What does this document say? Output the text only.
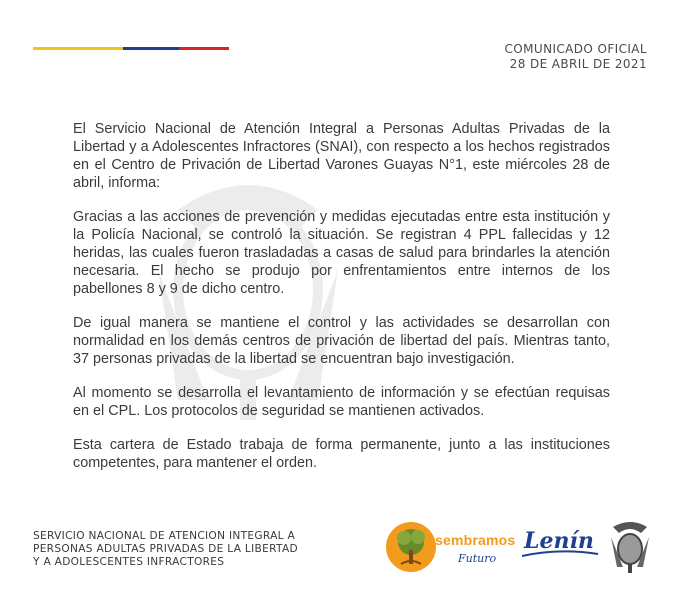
COMUNICADO OFICIAL
28 DE ABRIL DE 2021

El Servicio Nacional de Atención Integral a Personas Adultas Privadas de la Libertad y a Adolescentes Infractores (SNAI), con respecto a los hechos registrados en el Centro de Privación de Libertad Varones Guayas N°1, este miércoles 28 de abril, informa:

Gracias a las acciones de prevención y medidas ejecutadas entre esta institución y la Policía Nacional, se controló la situación. Se registran 4 PPL fallecidas y 12 heridas, las cuales fueron trasladadas a casas de salud para brindarles la atención necesaria. El hecho se produjo por enfrentamientos entre internos de los pabellones 8 y 9 de dicho centro.

De igual manera se mantiene el control y las actividades se desarrollan con normalidad en los demás centros de privación de libertad del país. Mientras tanto, 37 personas privadas de la libertad se encuentran bajo investigación.

Al momento se desarrolla el levantamiento de información y se efectúan requisas en el CPL. Los protocolos de seguridad se mantienen activados.

Esta cartera de Estado trabaja de forma permanente, junto a las instituciones competentes, para mantener el orden.

SERVICIO NACIONAL DE ATENCION INTEGRAL A
PERSONAS ADULTAS PRIVADAS DE LA LIBERTAD
Y A ADOLESCENTES INFRACTORES
sembramos
Futuro
Lenín
